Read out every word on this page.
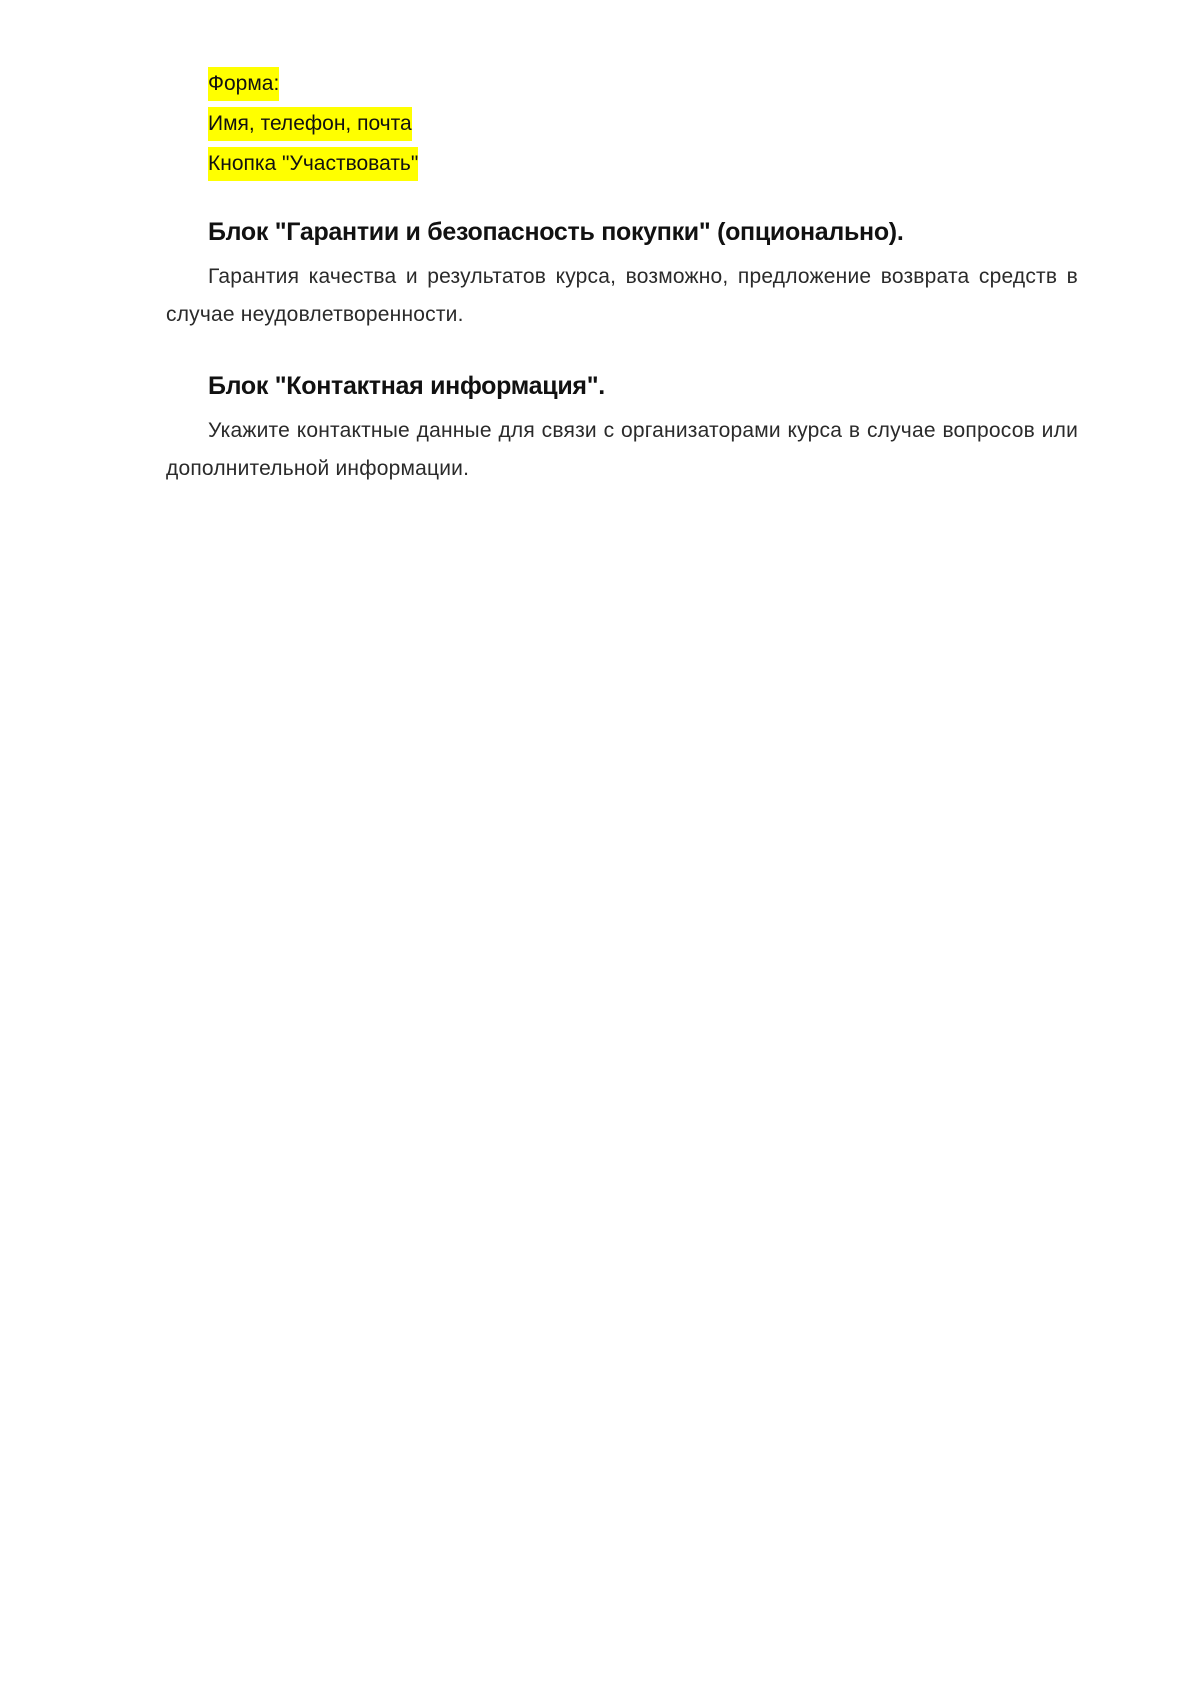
Форма:
Имя, телефон, почта
Кнопка "Участвовать"
Блок "Гарантии и безопасность покупки" (опционально).

Гарантия качества и результатов курса, возможно, предложение возврата средств в случае неудовлетворенности.

Блок "Контактная информация".

Укажите контактные данные для связи с организаторами курса в случае вопросов или дополнительной информации.
